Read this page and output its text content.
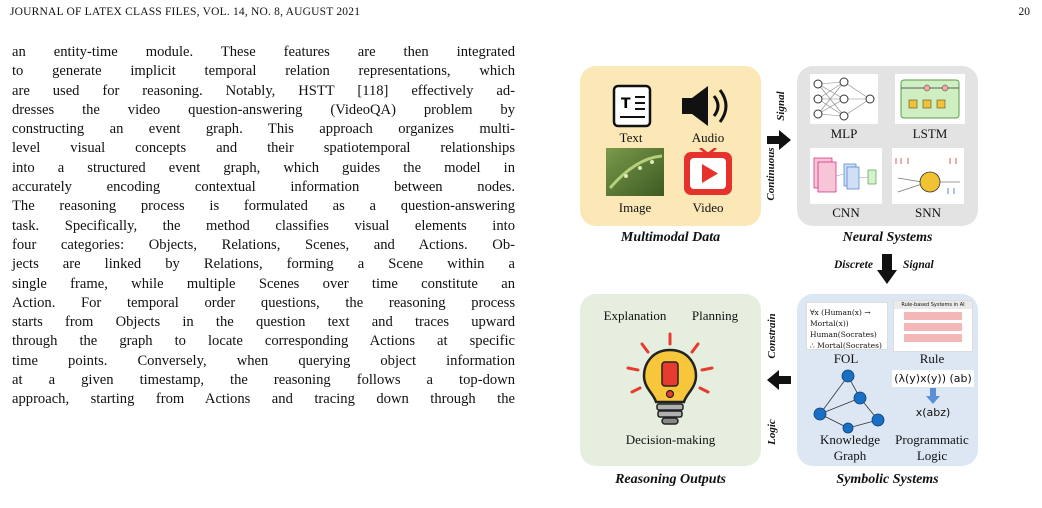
JOURNAL OF LATEX CLASS FILES, VOL. 14, NO. 8, AUGUST 2021	20
an entity-time module. These features are then integrated
to generate implicit temporal relation representations, which
are used for reasoning. Notably, HSTT [118] effectively ad-
dresses the video question-answering (VideoQA) problem by
constructing an event graph. This approach organizes multi-
level visual concepts and their spatiotemporal relationships
into a structured event graph, which guides the model in
accurately encoding contextual information between nodes.
The reasoning process is formulated as a question-answering
task. Specifically, the method classifies visual elements into
four categories: Objects, Relations, Scenes, and Actions. Ob-
jects are linked by Relations, forming a Scene within a
single frame, while multiple Scenes over time constitute an
Action. For temporal order questions, the reasoning process
starts from Objects in the question text and traces upward
through the graph to locate corresponding Actions at specific
time points. Conversely, when querying object information
at a given timestamp, the reasoning follows a top-down
approach, starting from Actions and tracing down through the
T
Text	Audio
Image	Video
Multimodal Data
MLP	LSTM
CNN	SNN
Neural Systems
Continuous
Signal
Discrete	Signal
Explanation	Planning
Decision-making
Reasoning Outputs
Logic
Constrain
∀x (Human(x) → Mortal(x))
Human(Socrates)
∴ Mortal(Socrates)
Rule-based Systems in AI
FOL	Rule
(λ(y)x(y)) (ab)
x(abz)
Knowledge Graph
Programmatic Logic
Symbolic Systems
